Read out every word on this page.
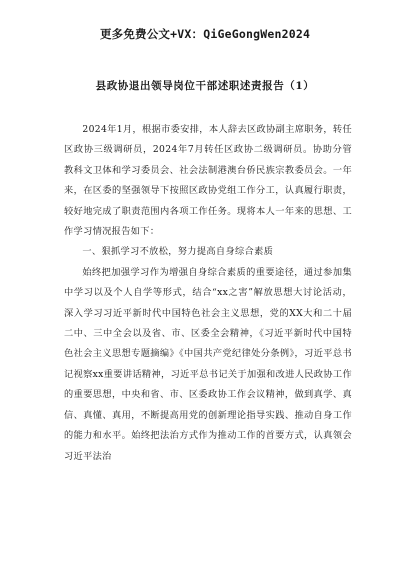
更多免费公文+VX：QiGeGongWen2024
县政协退出领导岗位干部述职述责报告（1）

2024年1月，根据市委安排，本人辞去区政协副主席职务，转任区政协三级调研员，2024年7月转任区政协二级调研员。协助分管教科文卫体和学习委员会、社会法制港澳台侨民族宗教委员会。一年来，在区委的坚强领导下按照区政协党组工作分工，认真履行职责，较好地完成了职责范围内各项工作任务。现将本人一年来的思想、工作学习情况报告如下：

一、狠抓学习不放松，努力提高自身综合素质

始终把加强学习作为增强自身综合素质的重要途径，通过参加集中学习以及个人自学等形式，结合“xx之害”解放思想大讨论活动，深入学习习近平新时代中国特色社会主义思想，党的XX大和二十届二中、三中全会以及省、市、区委全会精神，《习近平新时代中国特色社会主义思想专题摘编》《中国共产党纪律处分条例》，习近平总书记视察xx重要讲话精神，习近平总书记关于加强和改进人民政协工作的重要思想，中央和省、市、区委政协工作会议精神，做到真学、真信、真懂、真用，不断提高用党的创新理论指导实践、推动自身工作的能力和水平。始终把法治方式作为推动工作的首要方式，认真领会习近平法治
